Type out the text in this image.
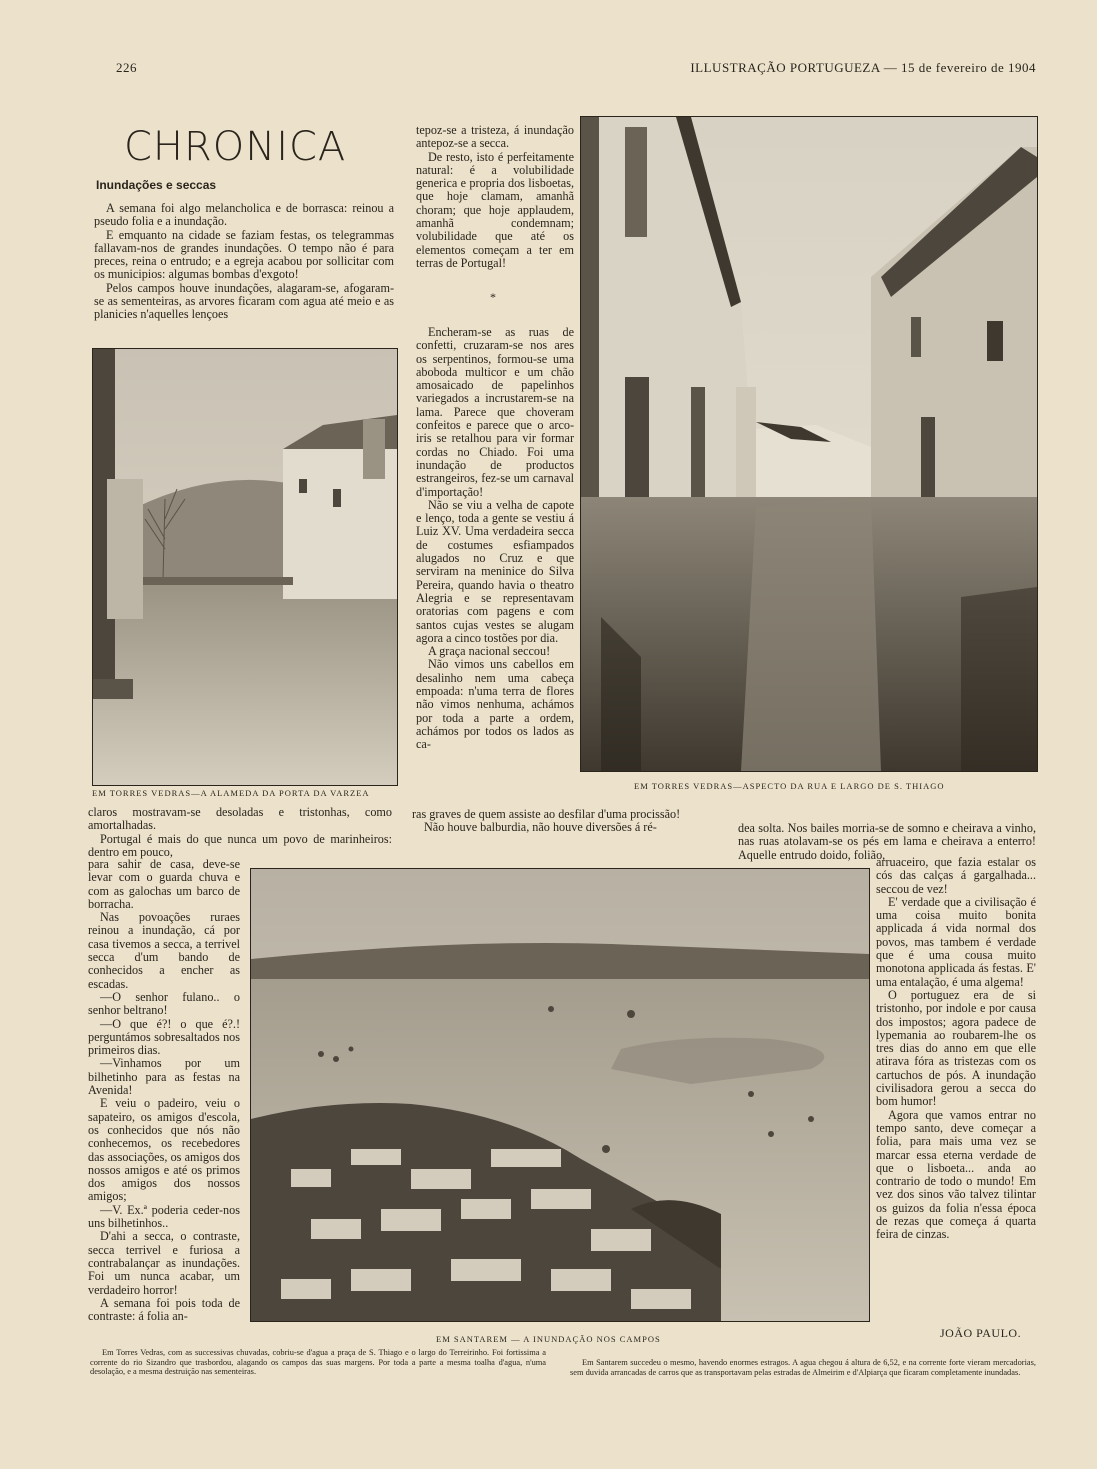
226	ILLUSTRAÇÃO PORTUGUEZA — 15 de fevereiro de 1904
CHRONICA
Inundações e seccas

A semana foi algo melancholica e de borrasca: reinou a pseudo folia e a inundação.

E emquanto na cidade se faziam festas, os telegrammas fallavam-nos de grandes inundações. O tempo não é para preces, reina o entrudo; e a egreja acabou por sollicitar com os municipios: algumas bombas d'exgoto!

Pelos campos houve inundações, alagaram-se, afogaram-se as sementeiras, as arvores ficaram com agua até meio e as planicies n'aquelles lençoes

EM TORRES VEDRAS—A ALAMEDA DA PORTA DA VARZEA

claros mostravam-se desoladas e tristonhas, como amortalhadas.

Portugal é mais do que nunca um povo de marinheiros: dentro em pouco,

para sahir de casa, deve-se levar com o guarda chuva e com as galochas um barco de borracha.

Nas povoações ruraes reinou a inundação, cá por casa tivemos a secca, a terrivel secca d'um bando de conhecidos a encher as escadas.

—O senhor fulano.. o senhor beltrano!

—O que é?! o que é?.! perguntámos sobresaltados nos primeiros dias.

—Vinhamos por um bilhetinho para as festas na Avenida!

E veiu o padeiro, veiu o sapateiro, os amigos d'escola, os conhecidos que nós não conhecemos, os recebedores das associações, os amigos dos nossos amigos e até os primos dos amigos dos nossos amigos;

—V. Ex.ª poderia ceder-nos uns bilhetinhos..

D'ahi a secca, o contraste, secca terrivel e furiosa a contrabalançar as inundações. Foi um nunca acabar, um verdadeiro horror!

A semana foi pois toda de contraste: á folia an-

tepoz-se a tristeza, á inundação antepoz-se a secca.

De resto, isto é perfeitamente natural: é a volubilidade generica e propria dos lisboetas, que hoje clamam, amanhã choram; que hoje applaudem, amanhã condemnam; volubilidade que até os elementos começam a ter em terras de Portugal!

*

Encheram-se as ruas de confetti, cruzaram-se nos ares os serpentinos, formou-se uma aboboda multicor e um chão amosaicado de papelinhos variegados a incrustarem-se na lama. Parece que choveram confeitos e parece que o arco-iris se retalhou para vir formar cordas no Chiado. Foi uma inundação de productos estrangeiros, fez-se um carnaval d'importação!

Não se viu a velha de capote e lenço, toda a gente se vestiu á Luiz XV. Uma verdadeira secca de costumes esfiampados alugados no Cruz e que serviram na meninice do Silva Pereira, quando havia o theatro Alegria e se representavam oratorias com pagens e com santos cujas vestes se alugam agora a cinco tostões por dia.

A graça nacional seccou!

Não vimos uns cabellos em desalinho nem uma cabeça empoada: n'uma terra de flores não vimos nenhuma, achámos por toda a parte a ordem, achámos por todos os lados as ca-

ras graves de quem assiste ao desfilar d'uma procissão!

Não houve balburdia, não houve diversões á ré-

EM TORRES VEDRAS—ASPECTO DA RUA E LARGO DE S. THIAGO

dea solta. Nos bailes morria-se de somno e cheirava a vinho, nas ruas atolavam-se os pés em lama e cheirava a enterro! Aquelle entrudo doido, folião,

arruaceiro, que fazia estalar os cós das calças á gargalhada... seccou de vez!

E' verdade que a civilisação é uma coisa muito bonita applicada á vida normal dos povos, mas tambem é verdade que é uma cousa muito monotona applicada ás festas. E' uma entalação, é uma algema!

O portuguez era de si tristonho, por indole e por causa dos impostos; agora padece de lypemania ao roubarem-lhe os tres dias do anno em que elle atirava fóra as tristezas com os cartuchos de pós. A inundação civilisadora gerou a secca do bom humor!

Agora que vamos entrar no tempo santo, deve começar a folia, para mais uma vez se marcar essa eterna verdade de que o lisboeta... anda ao contrario de todo o mundo! Em vez dos sinos vão talvez tilintar os guizos da folia n'essa época de rezas que começa á quarta feira de cinzas.

JOÃO PAULO.
EM SANTAREM — A INUNDAÇÃO NOS CAMPOS

Em Torres Vedras, com as successivas chuvadas, cobriu-se d'agua a praça de S. Thiago e o largo do Terreirinho. Foi fortissima a corrente do rio Sizandro que trasbordou, alagando os campos das suas margens. Por toda a parte a mesma toalha d'agua, n'uma desolação, e a mesma destruição nas sementeiras.

Em Santarem succedeu o mesmo, havendo enormes estragos. A agua chegou á altura de 6,52, e na corrente forte vieram mercadorias, sem duvida arrancadas de carros que as transportavam pelas estradas de Almeirim e d'Alpiarça que ficaram completamente inundadas.
